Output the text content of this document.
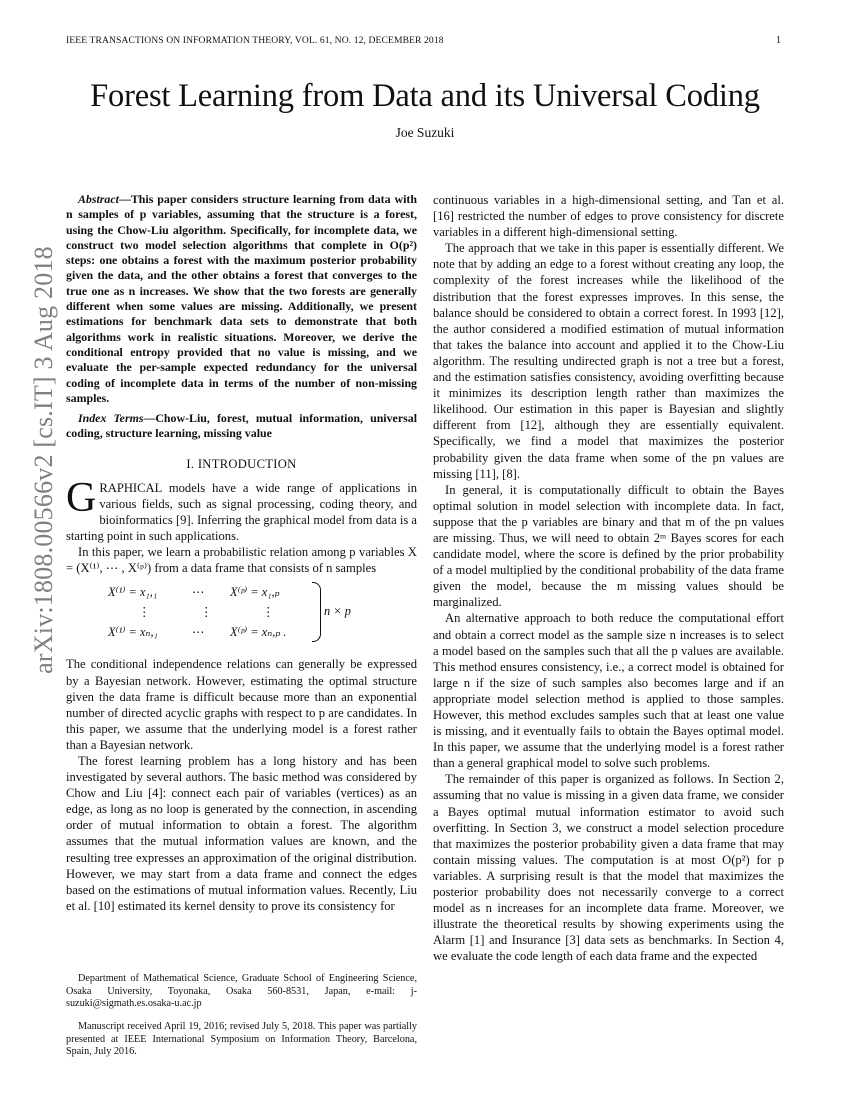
IEEE TRANSACTIONS ON INFORMATION THEORY, VOL. 61, NO. 12, DECEMBER 2018	1
Forest Learning from Data and its Universal Coding
Joe Suzuki
arXiv:1808.00566v2 [cs.IT] 3 Aug 2018

Abstract—This paper considers structure learning from data with n samples of p variables, assuming that the structure is a forest, using the Chow-Liu algorithm. Specifically, for incomplete data, we construct two model selection algorithms that complete in O(p²) steps: one obtains a forest with the maximum posterior probability given the data, and the other obtains a forest that converges to the true one as n increases. We show that the two forests are generally different when some values are missing. Additionally, we present estimations for benchmark data sets to demonstrate that both algorithms work in realistic situations. Moreover, we derive the conditional entropy provided that no value is missing, and we evaluate the per-sample expected redundancy for the universal coding of incomplete data in terms of the number of non-missing samples.

Index Terms—Chow-Liu, forest, mutual information, universal coding, structure learning, missing value

I. INTRODUCTION

GRAPHICAL models have a wide range of applications in various fields, such as signal processing, coding theory, and bioinformatics [9]. Inferring the graphical model from data is a starting point in such applications.

In this paper, we learn a probabilistic relation among p variables X = (X⁽¹⁾, ⋯ , X⁽ᵖ⁾) from a data frame that consists of n samples

X⁽¹⁾ = x₁,₁	⋯ X⁽ᵖ⁾ = x₁,ₚ
⋮	⋮	⋮
X⁽¹⁾ = xₙ,₁	⋯ X⁽ᵖ⁾ = xₙ,ₚ .
n × p

The conditional independence relations can generally be expressed by a Bayesian network. However, estimating the optimal structure given the data frame is difficult because more than an exponential number of directed acyclic graphs with respect to p are candidates. In this paper, we assume that the underlying model is a forest rather than a Bayesian network.

The forest learning problem has a long history and has been investigated by several authors. The basic method was considered by Chow and Liu [4]: connect each pair of variables (vertices) as an edge, as long as no loop is generated by the connection, in ascending order of mutual information to obtain a forest. The algorithm assumes that the mutual information values are known, and the resulting tree expresses an approximation of the original distribution. However, we may start from a data frame and connect the edges based on the estimations of mutual information values. Recently, Liu et al. [10] estimated its kernel density to prove its consistency for

Department of Mathematical Science, Graduate School of Engineering Science, Osaka University, Toyonaka, Osaka 560-8531, Japan, e-mail: j-suzuki@sigmath.es.osaka-u.ac.jp

Manuscript received April 19, 2016; revised July 5, 2018. This paper was partially presented at IEEE International Symposium on Information Theory, Barcelona, Spain, July 2016.

continuous variables in a high-dimensional setting, and Tan et al. [16] restricted the number of edges to prove consistency for discrete variables in a different high-dimensional setting.

The approach that we take in this paper is essentially different. We note that by adding an edge to a forest without creating any loop, the complexity of the forest increases while the likelihood of the distribution that the forest expresses improves. In this sense, the balance should be considered to obtain a correct forest. In 1993 [12], the author considered a modified estimation of mutual information that takes the balance into account and applied it to the Chow-Liu algorithm. The resulting undirected graph is not a tree but a forest, and the estimation satisfies consistency, avoiding overfitting because it minimizes its description length rather than maximizes the likelihood. Our estimation in this paper is Bayesian and slightly different from [12], although they are essentially equivalent. Specifically, we find a model that maximizes the posterior probability given the data frame when some of the pn values are missing [11], [8].

In general, it is computationally difficult to obtain the Bayes optimal solution in model selection with incomplete data. In fact, suppose that the p variables are binary and that m of the pn values are missing. Thus, we will need to obtain 2ᵐ Bayes scores for each candidate model, where the score is defined by the prior probability of a model multiplied by the conditional probability of the data frame given the model, because the m missing values should be marginalized.

An alternative approach to both reduce the computational effort and obtain a correct model as the sample size n increases is to select a model based on the samples such that all the p values are available. This method ensures consistency, i.e., a correct model is obtained for large n if the size of such samples also becomes large and if an appropriate model selection method is applied to those samples. However, this method excludes samples such that at least one value is missing, and it eventually fails to obtain the Bayes optimal model. In this paper, we assume that the underlying model is a forest rather than a general graphical model to solve such problems.

The remainder of this paper is organized as follows. In Section 2, assuming that no value is missing in a given data frame, we consider a Bayes optimal mutual information estimator to avoid such overfitting. In Section 3, we construct a model selection procedure that maximizes the posterior probability given a data frame that may contain missing values. The computation is at most O(p²) for p variables. A surprising result is that the model that maximizes the posterior probability does not necessarily converge to a correct model as n increases for an incomplete data frame. Moreover, we illustrate the theoretical results by showing experiments using the Alarm [1] and Insurance [3] data sets as benchmarks. In Section 4, we evaluate the code length of each data frame and the expected
